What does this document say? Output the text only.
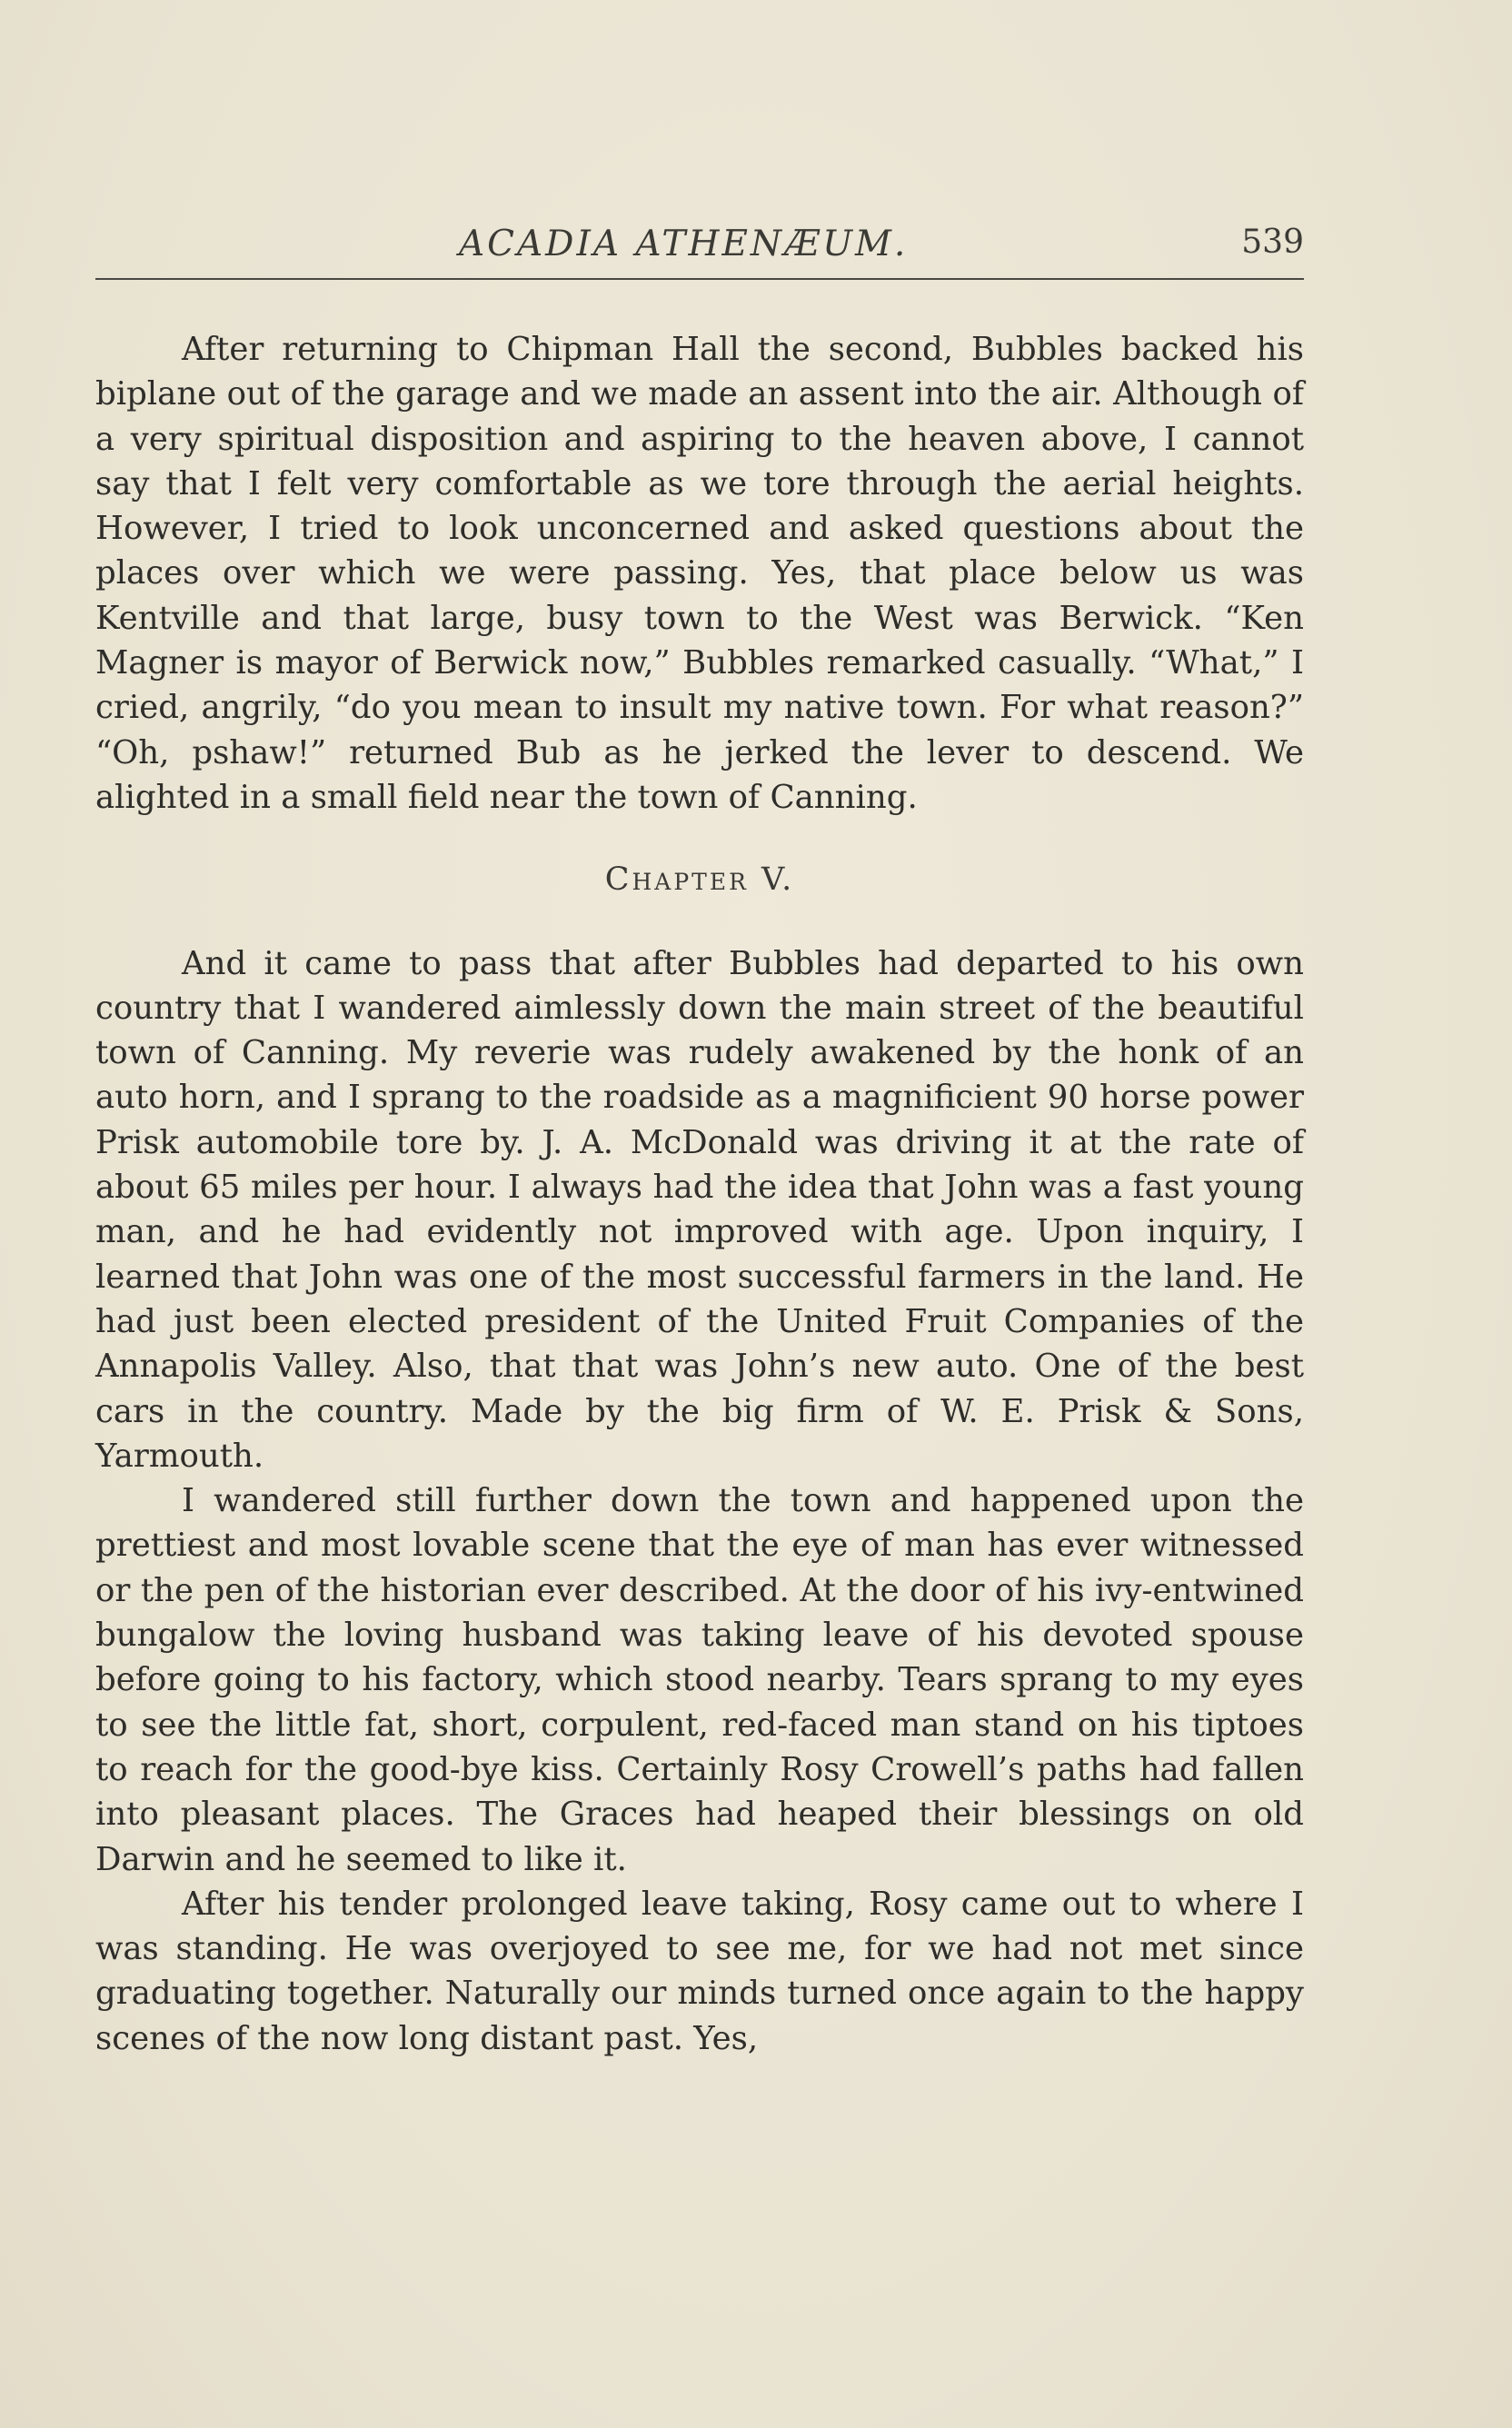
ACADIA ATHENÆUM.	539

After returning to Chipman Hall the second, Bubbles backed his biplane out of the garage and we made an assent into the air. Although of a very spiritual disposition and aspiring to the heaven above, I cannot say that I felt very comfortable as we tore through the aerial heights. However, I tried to look unconcerned and asked questions about the places over which we were passing. Yes, that place below us was Kentville and that large, busy town to the West was Berwick. “Ken Magner is mayor of Berwick now,” Bubbles remarked casually. “What,” I cried, angrily, “do you mean to insult my native town. For what reason?” “Oh, pshaw!” returned Bub as he jerked the lever to descend. We alighted in a small field near the town of Canning.

Chapter V.

And it came to pass that after Bubbles had departed to his own country that I wandered aimlessly down the main street of the beautiful town of Canning. My reverie was rudely awakened by the honk of an auto horn, and I sprang to the roadside as a magnificient 90 horse power Prisk automobile tore by. J. A. McDonald was driving it at the rate of about 65 miles per hour. I always had the idea that John was a fast young man, and he had evidently not improved with age. Upon inquiry, I learned that John was one of the most successful farmers in the land. He had just been elected president of the United Fruit Companies of the Annapolis Valley. Also, that that was John’s new auto. One of the best cars in the country. Made by the big firm of W. E. Prisk & Sons, Yarmouth.

I wandered still further down the town and happened upon the prettiest and most lovable scene that the eye of man has ever witnessed or the pen of the historian ever described. At the door of his ivy-entwined bungalow the loving husband was taking leave of his devoted spouse before going to his factory, which stood nearby. Tears sprang to my eyes to see the little fat, short, corpulent, red-faced man stand on his tiptoes to reach for the good-bye kiss. Certainly Rosy Crowell’s paths had fallen into pleasant places. The Graces had heaped their blessings on old Darwin and he seemed to like it.

After his tender prolonged leave taking, Rosy came out to where I was standing. He was overjoyed to see me, for we had not met since graduating together. Naturally our minds turned once again to the happy scenes of the now long distant past. Yes,
